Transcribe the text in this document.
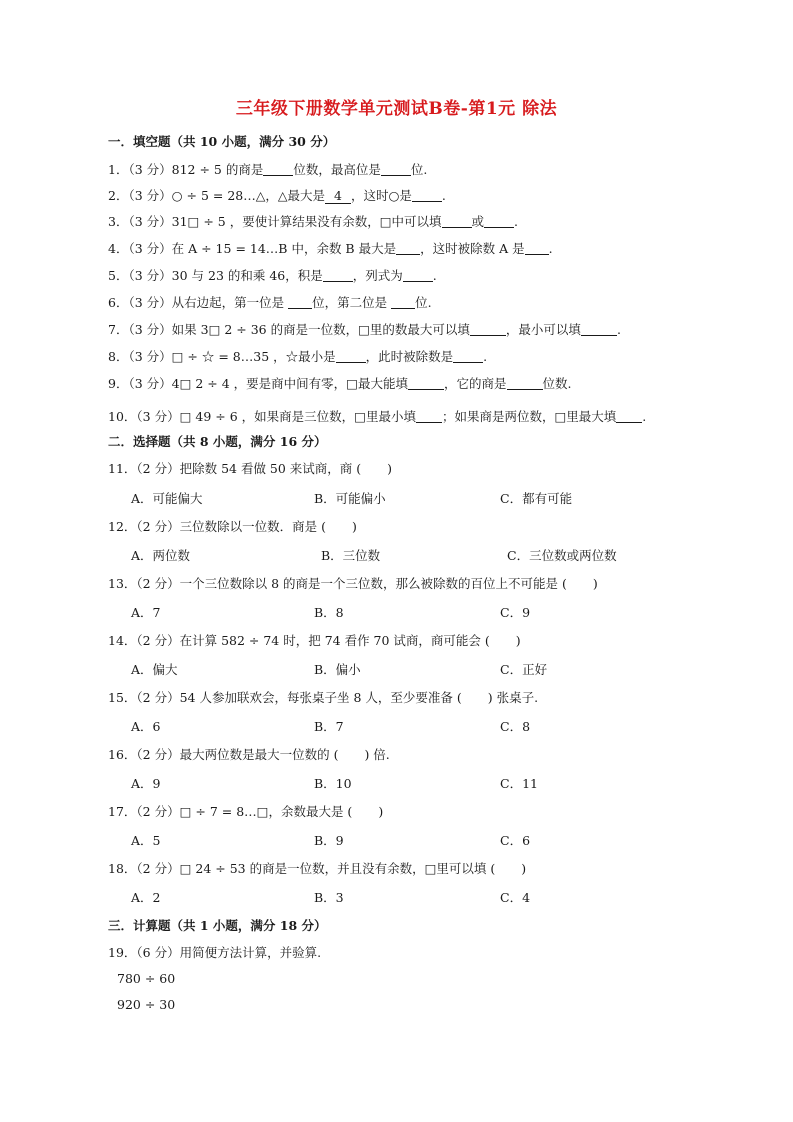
三年级下册数学单元测试B卷-第1元 除法
一．填空题（共 10 小题，满分 30 分）
1．（3 分）812 ÷ 5 的商是 位数，最高位是 位.
2．（3 分）○ ÷ 5 = 28…△，△最大是 4 ，这时○是 .
3．（3 分）31□ ÷ 5 ，要使计算结果没有余数，□中可以填 或 .
4．（3 分）在 A ÷ 15 = 14…B 中，余数 B 最大是 ，这时被除数 A 是 .
5．（3 分）30 与 23 的和乘 46，积是 ，列式为 .
6．（3 分）从右边起，第一位是 位，第二位是 位.
7．（3 分）如果 3□ 2 ÷ 36 的商是一位数，□里的数最大可以填	，最小可以填	.
8．（3 分）□ ÷ ☆ = 8…35 ，☆最小是 ，此时被除数是 .
9．（3 分）4□ 2 ÷ 4 ，要是商中间有零，□最大能填	，它的商是	位数.
10．（3 分）□ 49 ÷ 6 ，如果商是三位数，□里最小填 ；如果商是两位数，□里最大填 .
二．选择题（共 8 小题，满分 16 分）
11．（2 分）把除数 54 看做 50 来试商，商 ( )
A．可能偏大	B．可能偏小	C．都有可能
12．（2 分）三位数除以一位数．商是 ( )
A．两位数	B．三位数	C．三位数或两位数
13．（2 分）一个三位数除以 8 的商是一个三位数，那么被除数的百位上不可能是 ( )
A．7	B．8	C．9
14．（2 分）在计算 582 ÷ 74 时，把 74 看作 70 试商，商可能会 ( )
A．偏大	B．偏小	C．正好
15．（2 分）54 人参加联欢会，每张桌子坐 8 人，至少要准备 ( ) 张桌子.
A．6	B．7	C．8
16．（2 分）最大两位数是最大一位数的 ( ) 倍.
A．9	B．10	C．11
17．（2 分）□ ÷ 7 = 8…□，余数最大是 ( )
A．5	B．9	C．6
18．（2 分）□ 24 ÷ 53 的商是一位数，并且没有余数，□里可以填 ( )
A．2	B．3	C．4
三．计算题（共 1 小题，满分 18 分）
19．（6 分）用简便方法计算，并验算.
780 ÷ 60
920 ÷ 30
